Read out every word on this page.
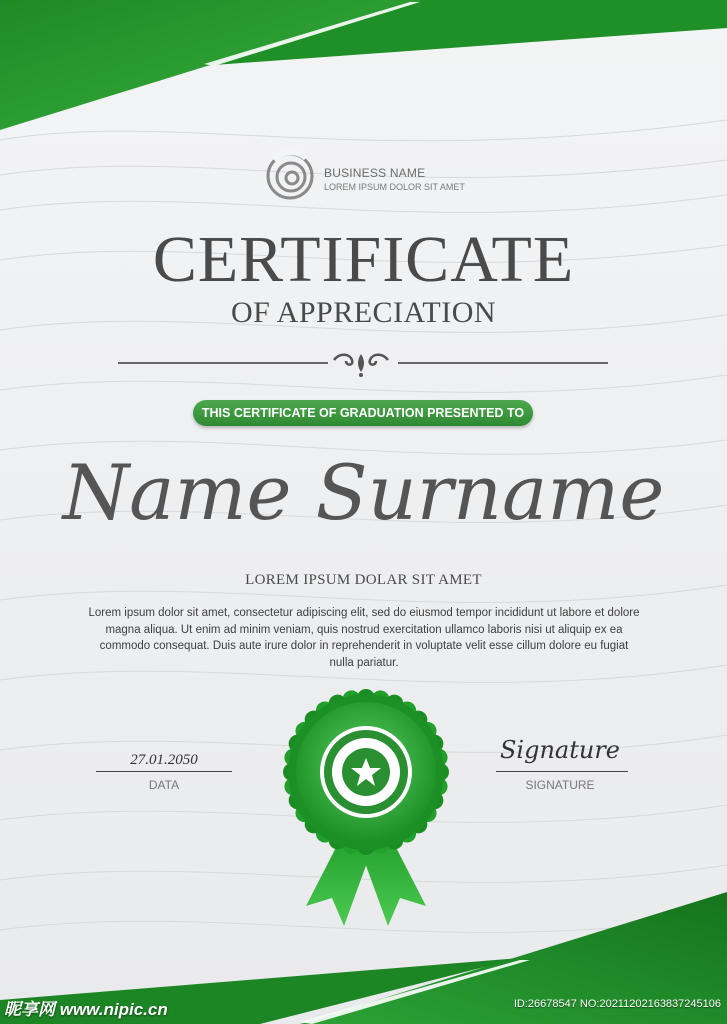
BUSINESS NAME
LOREM IPSUM DOLOR SIT AMET
CERTIFICATE
OF APPRECIATION
THIS CERTIFICATE OF GRADUATION PRESENTED TO
Name Surname
LOREM IPSUM DOLAR SIT AMET
Lorem ipsum dolor sit amet, consectetur adipiscing elit, sed do eiusmod tempor incididunt ut labore et dolore magna aliqua. Ut enim ad minim veniam, quis nostrud exercitation ullamco laboris nisi ut aliquip ex ea commodo consequat. Duis aute irure dolor in reprehenderit in voluptate velit esse cillum dolore eu fugiat nulla pariatur.
27.01.2050
DATA
Signature
SIGNATURE
昵享网 www.nipic.cn	ID:26678547 NO:20211202163837245106
